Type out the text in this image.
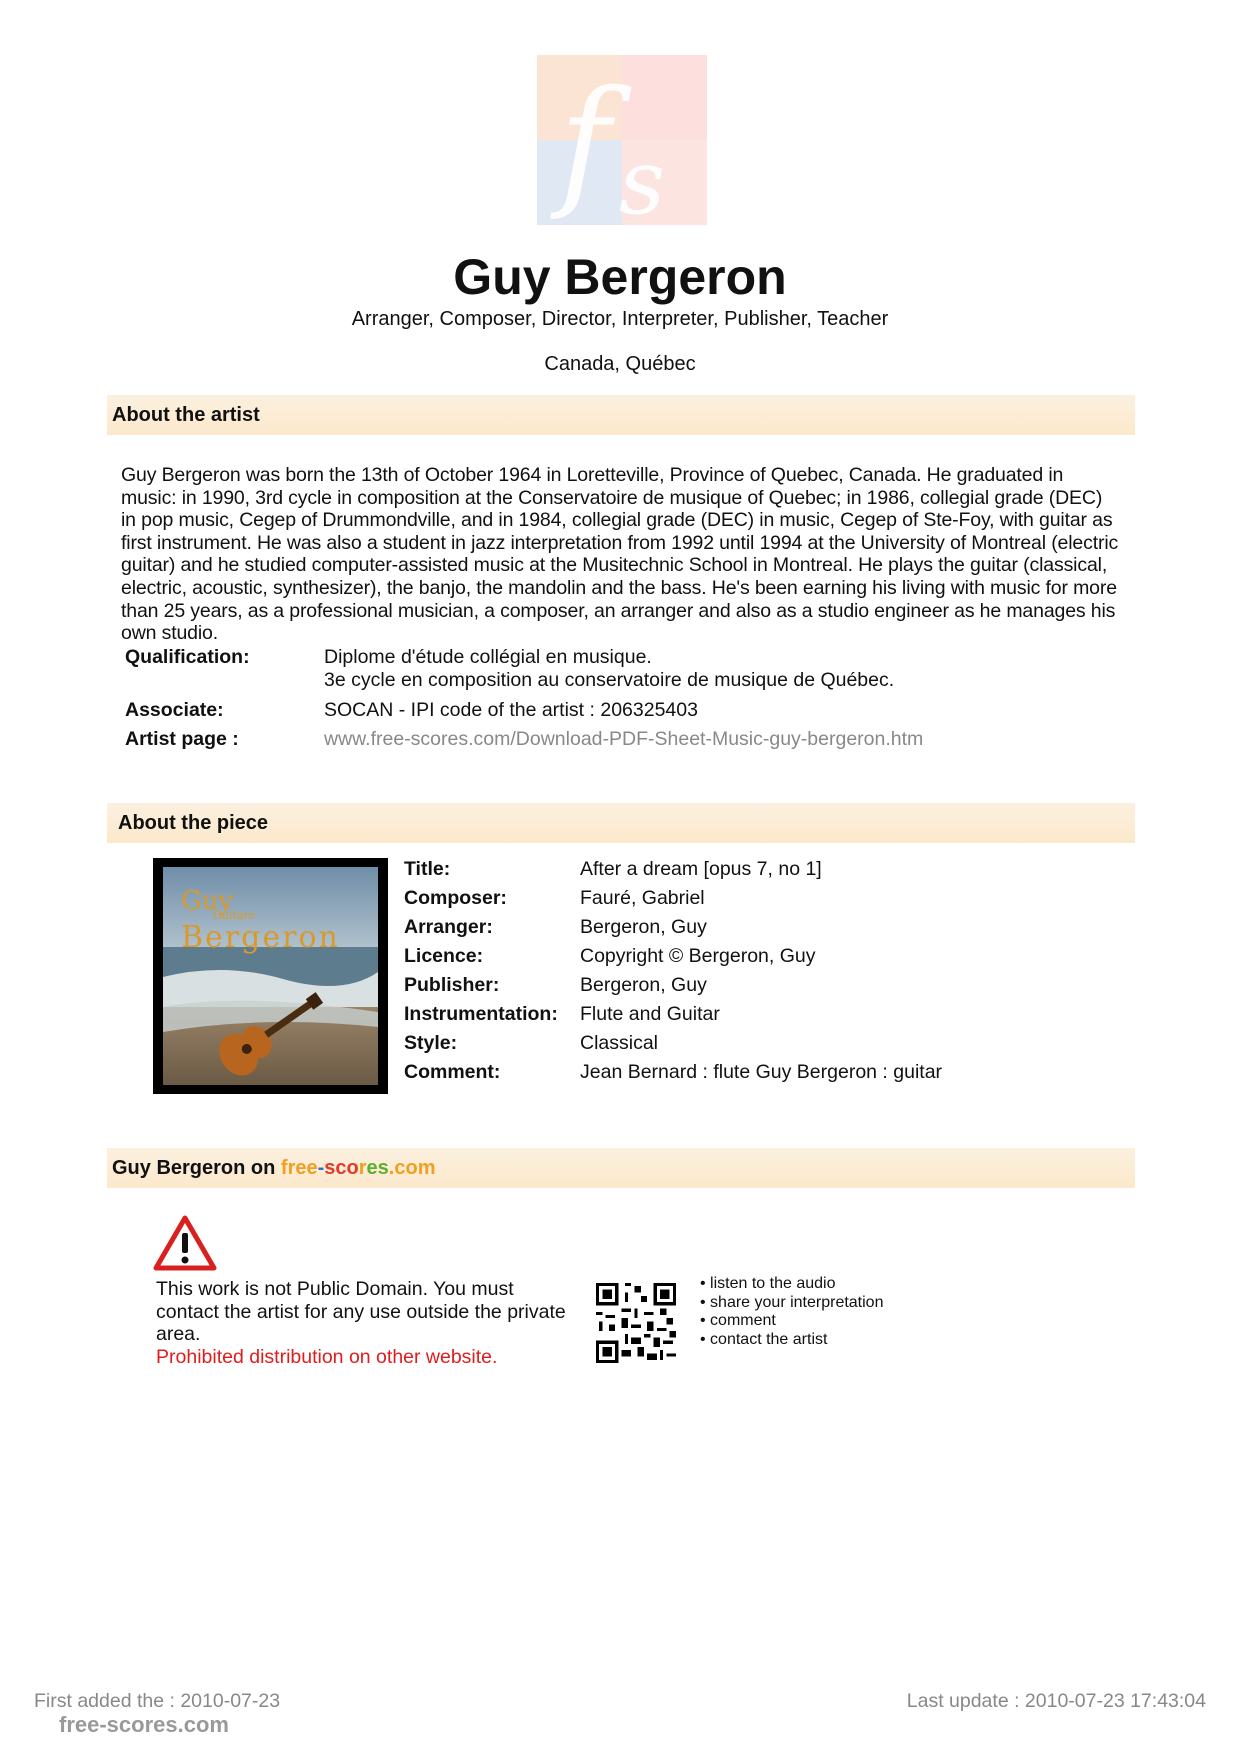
f s
Guy Bergeron
Arranger, Composer, Director, Interpreter, Publisher, Teacher
Canada, Québec
About the artist
Guy Bergeron was born the 13th of October 1964 in Loretteville, Province of Quebec, Canada. He graduated in music: in 1990, 3rd cycle in composition at the Conservatoire de musique of Quebec; in 1986, collegial grade (DEC) in pop music, Cegep of Drummondville, and in 1984, collegial grade (DEC) in music, Cegep of Ste-Foy, with guitar as first instrument. He was also a student in jazz interpretation from 1992 until 1994 at the University of Montreal (electric guitar) and he studied computer-assisted music at the Musitechnic School in Montreal. He plays the guitar (classical, electric, acoustic, synthesizer), the banjo, the mandolin and the bass. He's been earning his living with music for more than 25 years, as a professional musician, a composer, an arranger and also as a studio engineer as he manages his own studio.
Qualification:	Diplome d'étude collégial en musique.
3e cycle en composition au conservatoire de musique de Québec.
Associate:	SOCAN - IPI code of the artist : 206325403
Artist page :	www.free-scores.com/Download-PDF-Sheet-Music-guy-bergeron.htm
About the piece
Guy
Guitare
Bergeron
Title:	After a dream [opus 7, no 1]
Composer:	Fauré, Gabriel
Arranger:	Bergeron, Guy
Licence:	Copyright © Bergeron, Guy
Publisher:	Bergeron, Guy
Instrumentation: Flute and Guitar
Style:	Classical
Comment:	Jean Bernard : flute Guy Bergeron : guitar
Guy Bergeron on free-scores.com
This work is not Public Domain. You must contact the artist for any use outside the private area.
Prohibited distribution on other website.
• listen to the audio
• share your interpretation
• comment
• contact the artist
First added the : 2010-07-23	Last update : 2010-07-23 17:43:04
free-scores.com
